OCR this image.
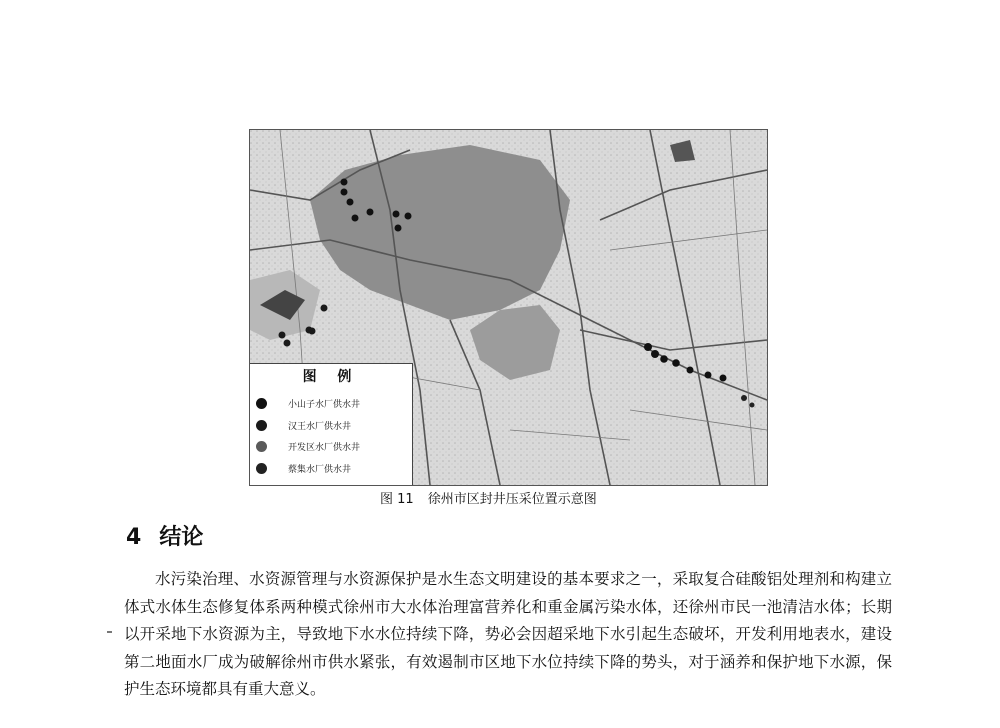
图 例
小山子水厂供水井
汉王水厂供水井
开发区水厂供水井
蔡集水厂供水井
图 11 徐州市区封井压采位置示意图
4 结论

水污染治理、水资源管理与水资源保护是水生态文明建设的基本要求之一，采取复合硅酸铝处理剂和构建立体式水体生态修复体系两种模式徐州市大水体治理富营养化和重金属污染水体，还徐州市民一池清洁水体；长期以开采地下水资源为主，导致地下水水位持续下降，势必会因超采地下水引起生态破坏，开发利用地表水，建设第二地面水厂成为破解徐州市供水紧张，有效遏制市区地下水位持续下降的势头，对于涵养和保护地下水源，保护生态环境都具有重大意义。
